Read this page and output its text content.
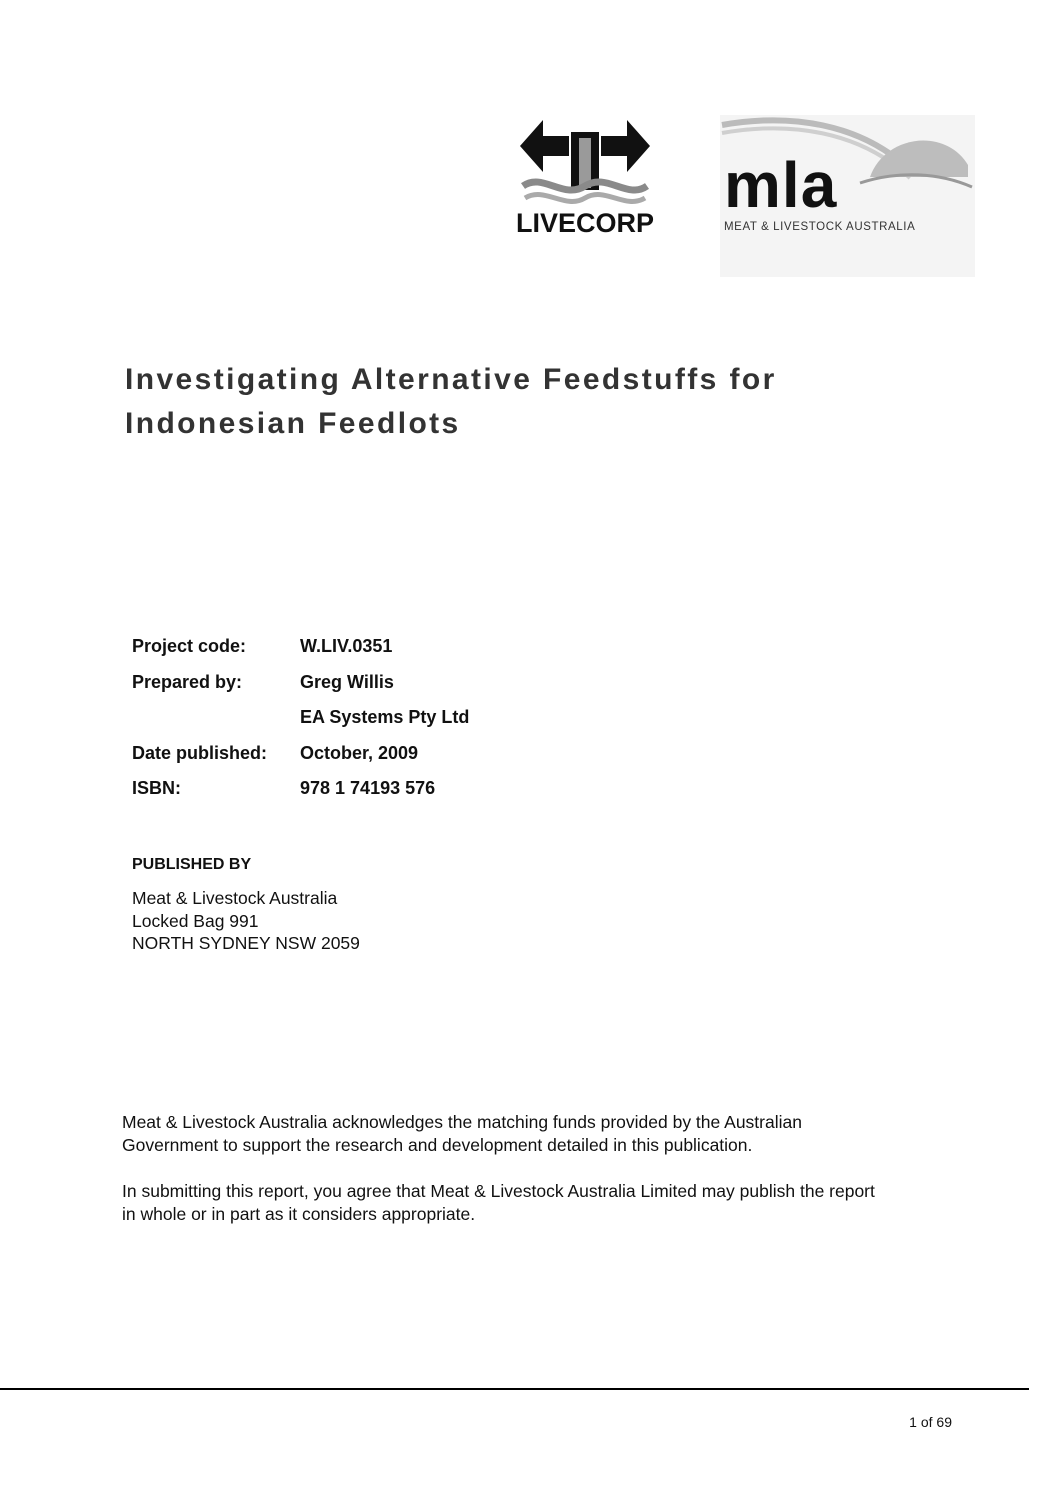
LIVECORP
mla
MEAT & LIVESTOCK AUSTRALIA
Investigating Alternative Feedstuffs for
Indonesian Feedlots
Project code:	W.LIV.0351
Prepared by:	Greg Willis
EA Systems Pty Ltd
Date published: October, 2009
ISBN:	978 1 74193 576
PUBLISHED BY
Meat & Livestock Australia
Locked Bag 991
NORTH SYDNEY NSW 2059
Meat & Livestock Australia acknowledges the matching funds provided by the Australian
Government to support the research and development detailed in this publication.
In submitting this report, you agree that Meat & Livestock Australia Limited may publish the report
in whole or in part as it considers appropriate.
1 of 69
